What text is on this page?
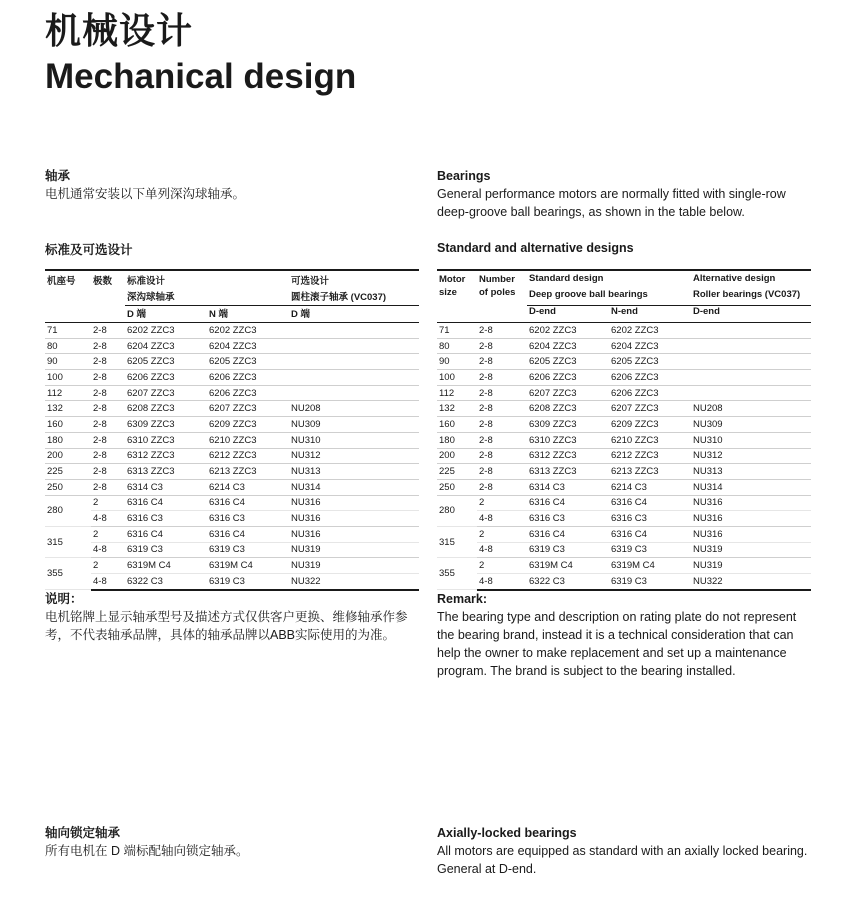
机械设计
Mechanical design
轴承

电机通常安装以下单列深沟球轴承。

Bearings

General performance motors are normally fitted with single-row deep-groove ball bearings, as shown in the table below.

标准及可选设计	Standard and alternative designs
机座号	极数	标准设计		可选设计
		深沟球轴承		圆柱滚子轴承 (VC037)
		D 端	N 端	D 端
71	2-8	6202 ZZC3	6202 ZZC3	
80	2-8	6204 ZZC3	6204 ZZC3	
90	2-8	6205 ZZC3	6205 ZZC3	
100	2-8	6206 ZZC3	6206 ZZC3	
112	2-8	6207 ZZC3	6206 ZZC3	
132	2-8	6208 ZZC3	6207 ZZC3	NU208
160	2-8	6309 ZZC3	6209 ZZC3	NU309
180	2-8	6310 ZZC3	6210 ZZC3	NU310
200	2-8	6312 ZZC3	6212 ZZC3	NU312
225	2-8	6313 ZZC3	6213 ZZC3	NU313
250	2-8	6314 C3	6214 C3	NU314
280	2	6316 C4	6316 C4	NU316
	4-8	6316 C3	6316 C3	NU316
315	2	6316 C4	6316 C4	NU316
	4-8	6319 C3	6319 C3	NU319
355	2	6319M C4	6319M C4	NU319
	4-8	6322 C3	6319 C3	NU322
Motor size	Number of poles	Standard design		Alternative design
		Deep groove ball bearings		Roller bearings (VC037)
		D-end	N-end	D-end
71	2-8	6202 ZZC3	6202 ZZC3	
80	2-8	6204 ZZC3	6204 ZZC3	
90	2-8	6205 ZZC3	6205 ZZC3	
100	2-8	6206 ZZC3	6206 ZZC3	
112	2-8	6207 ZZC3	6206 ZZC3	
132	2-8	6208 ZZC3	6207 ZZC3	NU208
160	2-8	6309 ZZC3	6209 ZZC3	NU309
180	2-8	6310 ZZC3	6210 ZZC3	NU310
200	2-8	6312 ZZC3	6212 ZZC3	NU312
225	2-8	6313 ZZC3	6213 ZZC3	NU313
250	2-8	6314 C3	6214 C3	NU314
280	2	6316 C4	6316 C4	NU316
	4-8	6316 C3	6316 C3	NU316
315	2	6316 C4	6316 C4	NU316
	4-8	6319 C3	6319 C3	NU319
355	2	6319M C4	6319M C4	NU319
	4-8	6322 C3	6319 C3	NU322
说明：

电机铭牌上显示轴承型号及描述方式仅供客户更换、维修轴承作参考，不代表轴承品牌，具体的轴承品牌以ABB实际使用的为准。

Remark:

The bearing type and description on rating plate do not represent the bearing brand, instead it is a technical consideration that can help the owner to make replacement and set up a maintenance program. The brand is subject to the bearing installed.

轴向锁定轴承

所有电机在 D 端标配轴向锁定轴承。

Axially-locked bearings

All motors are equipped as standard with an axially locked bearing. General at D-end.
